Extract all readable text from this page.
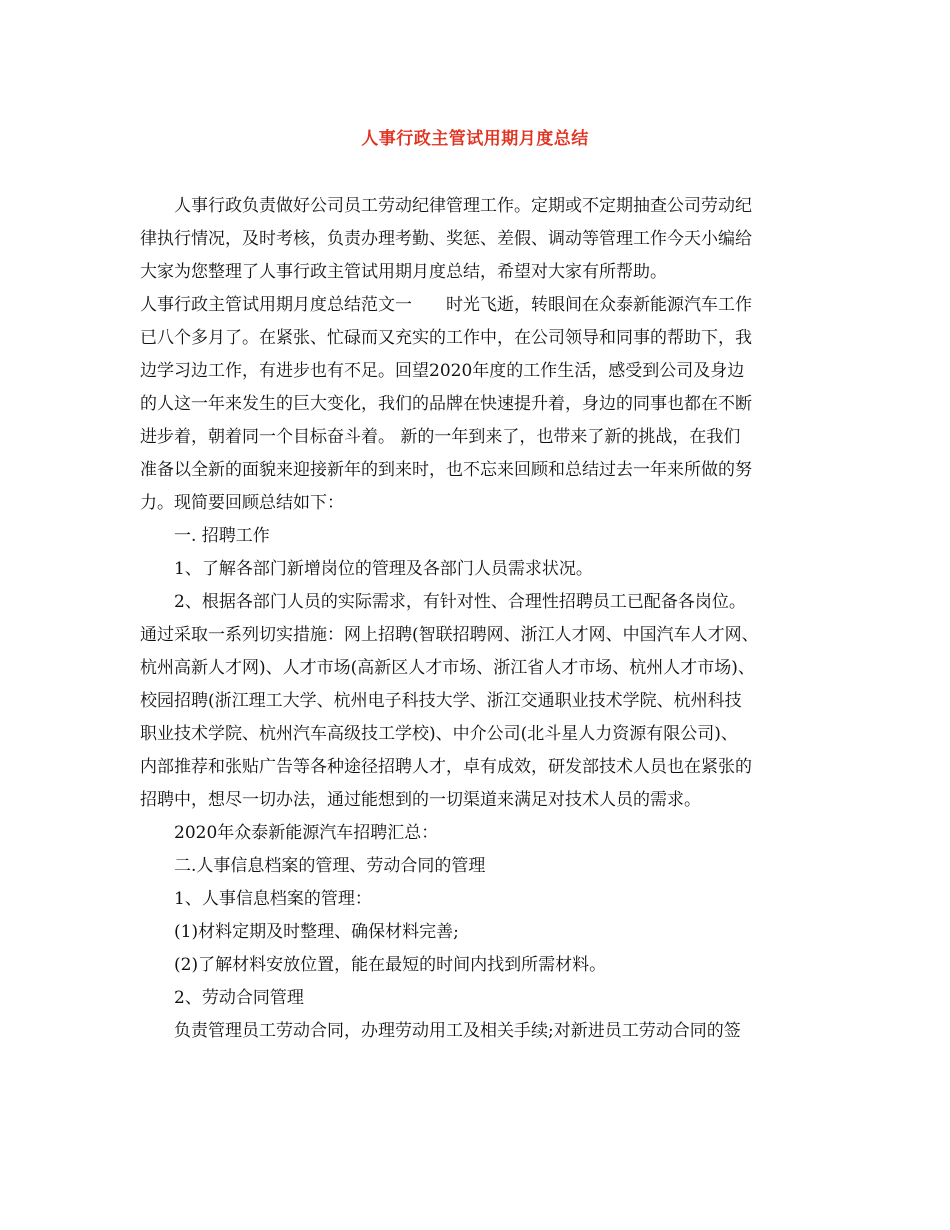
人事行政主管试用期月度总结
人事行政负责做好公司员工劳动纪律管理工作。定期或不定期抽查公司劳动纪
律执行情况，及时考核，负责办理考勤、奖惩、差假、调动等管理工作今天小编给
大家为您整理了人事行政主管试用期月度总结，希望对大家有所帮助。
人事行政主管试用期月度总结范文一 时光飞逝，转眼间在众泰新能源汽车工作
已八个多月了。在紧张、忙碌而又充实的工作中，在公司领导和同事的帮助下，我
边学习边工作，有进步也有不足。回望2020年度的工作生活，感受到公司及身边
的人这一年来发生的巨大变化，我们的品牌在快速提升着，身边的同事也都在不断
进步着，朝着同一个目标奋斗着。 新的一年到来了，也带来了新的挑战，在我们
准备以全新的面貌来迎接新年的到来时，也不忘来回顾和总结过去一年来所做的努
力。现简要回顾总结如下：
一. 招聘工作
1、了解各部门新增岗位的管理及各部门人员需求状况。
2、根据各部门人员的实际需求，有针对性、合理性招聘员工已配备各岗位。
通过采取一系列切实措施：网上招聘(智联招聘网、浙江人才网、中国汽车人才网、
杭州高新人才网)、人才市场(高新区人才市场、浙江省人才市场、杭州人才市场)、
校园招聘(浙江理工大学、杭州电子科技大学、浙江交通职业技术学院、杭州科技
职业技术学院、杭州汽车高级技工学校)、中介公司(北斗星人力资源有限公司)、
内部推荐和张贴广告等各种途径招聘人才，卓有成效，研发部技术人员也在紧张的
招聘中，想尽一切办法，通过能想到的一切渠道来满足对技术人员的需求。
2020年众泰新能源汽车招聘汇总：
二.人事信息档案的管理、劳动合同的管理
1、人事信息档案的管理：
(1)材料定期及时整理、确保材料完善;
(2)了解材料安放位置，能在最短的时间内找到所需材料。
2、劳动合同管理
负责管理员工劳动合同，办理劳动用工及相关手续;对新进员工劳动合同的签
